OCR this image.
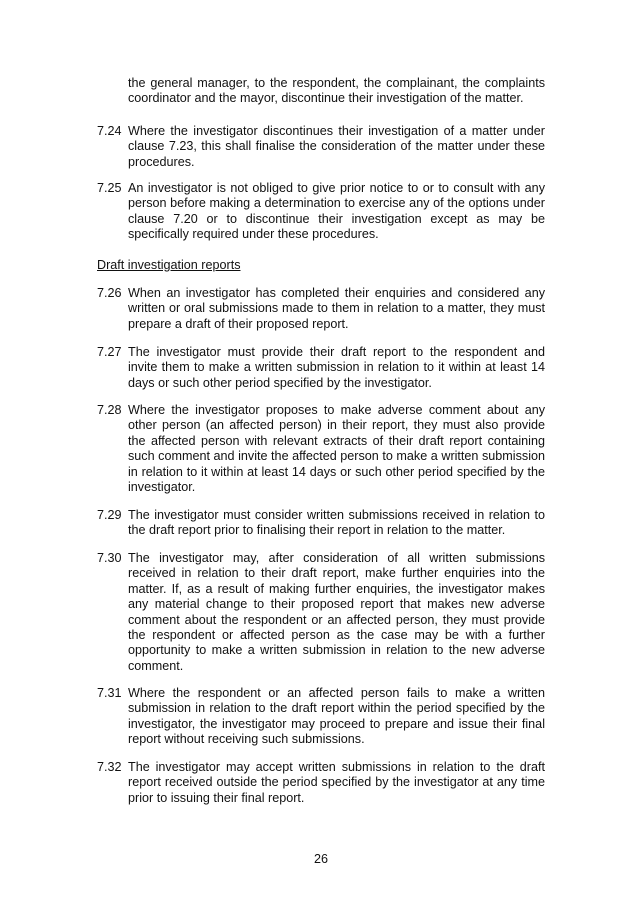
the general manager, to the respondent, the complainant, the complaints coordinator and the mayor, discontinue their investigation of the matter.
7.24 Where the investigator discontinues their investigation of a matter under clause 7.23, this shall finalise the consideration of the matter under these procedures.
7.25 An investigator is not obliged to give prior notice to or to consult with any person before making a determination to exercise any of the options under clause 7.20 or to discontinue their investigation except as may be specifically required under these procedures.
Draft investigation reports
7.26 When an investigator has completed their enquiries and considered any written or oral submissions made to them in relation to a matter, they must prepare a draft of their proposed report.
7.27 The investigator must provide their draft report to the respondent and invite them to make a written submission in relation to it within at least 14 days or such other period specified by the investigator.
7.28 Where the investigator proposes to make adverse comment about any other person (an affected person) in their report, they must also provide the affected person with relevant extracts of their draft report containing such comment and invite the affected person to make a written submission in relation to it within at least 14 days or such other period specified by the investigator.
7.29 The investigator must consider written submissions received in relation to the draft report prior to finalising their report in relation to the matter.
7.30 The investigator may, after consideration of all written submissions received in relation to their draft report, make further enquiries into the matter. If, as a result of making further enquiries, the investigator makes any material change to their proposed report that makes new adverse comment about the respondent or an affected person, they must provide the respondent or affected person as the case may be with a further opportunity to make a written submission in relation to the new adverse comment.
7.31 Where the respondent or an affected person fails to make a written submission in relation to the draft report within the period specified by the investigator, the investigator may proceed to prepare and issue their final report without receiving such submissions.
7.32 The investigator may accept written submissions in relation to the draft report received outside the period specified by the investigator at any time prior to issuing their final report.
26
